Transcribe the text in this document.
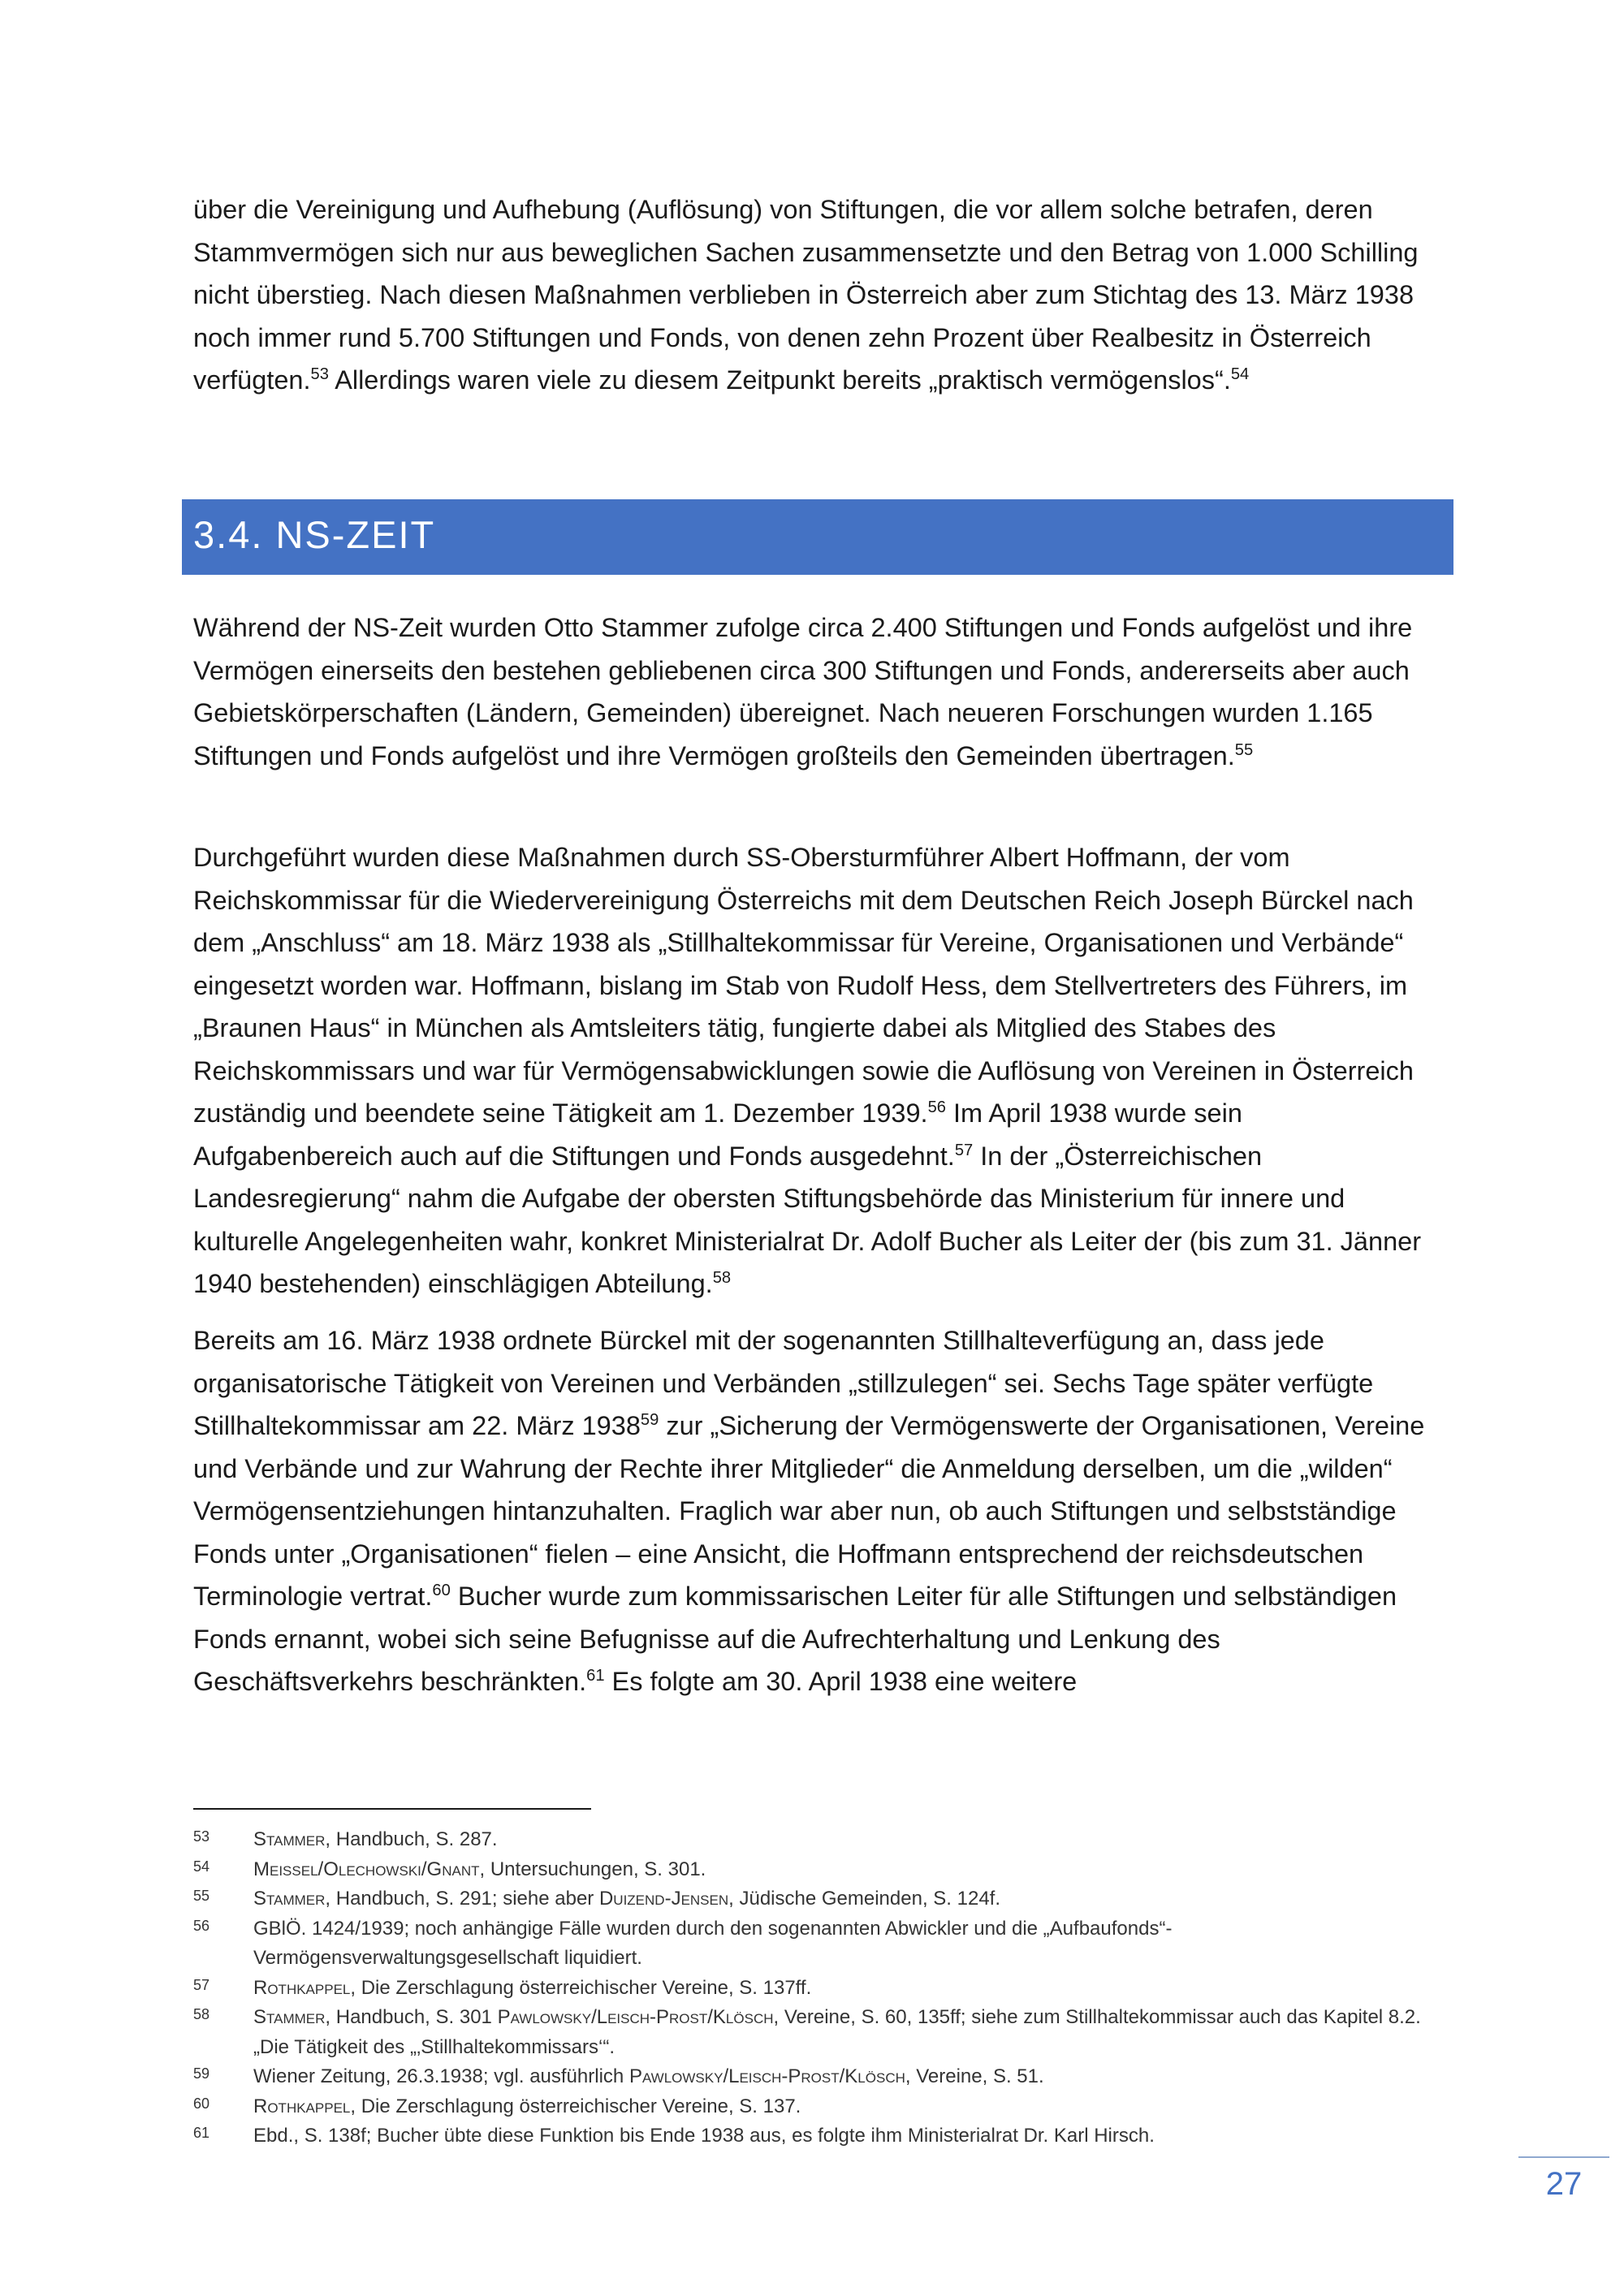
über die Vereinigung und Aufhebung (Auflösung) von Stiftungen, die vor allem solche betrafen, deren Stammvermögen sich nur aus beweglichen Sachen zusammensetzte und den Betrag von 1.000 Schilling nicht überstieg. Nach diesen Maßnahmen verblieben in Österreich aber zum Stichtag des 13. März 1938 noch immer rund 5.700 Stiftungen und Fonds, von denen zehn Prozent über Realbesitz in Österreich verfügten.$^{53}$ Allerdings waren viele zu diesem Zeitpunkt bereits „praktisch vermögenslos“.$^{54}$

3.4. NS-ZEIT

Während der NS-Zeit wurden Otto Stammer zufolge circa 2.400 Stiftungen und Fonds aufgelöst und ihre Vermögen einerseits den bestehen gebliebenen circa 300 Stiftungen und Fonds, andererseits aber auch Gebietskörperschaften (Ländern, Gemeinden) übereignet. Nach neueren Forschungen wurden 1.165 Stiftungen und Fonds aufgelöst und ihre Vermögen großteils den Gemeinden übertragen.$^{55}$

Durchgeführt wurden diese Maßnahmen durch SS-Obersturmführer Albert Hoffmann, der vom Reichskommissar für die Wiedervereinigung Österreichs mit dem Deutschen Reich Joseph Bürckel nach dem „Anschluss“ am 18. März 1938 als „Stillhaltekommissar für Vereine, Organisationen und Verbände“ eingesetzt worden war. Hoffmann, bislang im Stab von Rudolf Hess, dem Stellvertreters des Führers, im „Braunen Haus“ in München als Amtsleiters tätig, fungierte dabei als Mitglied des Stabes des Reichskommissars und war für Vermögensabwicklungen sowie die Auflösung von Vereinen in Österreich zuständig und beendete seine Tätigkeit am 1. Dezember 1939.56 Im April 1938 wurde sein Aufgabenbereich auch auf die Stiftungen und Fonds ausgedehnt.$^{57}$ In der „Österreichischen Landesregierung“ nahm die Aufgabe der obersten Stiftungsbehörde das Ministerium für innere und kulturelle Angelegenheiten wahr, konkret Ministerialrat Dr. Adolf Bucher als Leiter der (bis zum 31. Jänner 1940 bestehenden) einschlägigen Abteilung.$^{58}$

Bereits am 16. März 1938 ordnete Bürckel mit der sogenannten Stillhalteverfügung an, dass jede organisatorische Tätigkeit von Vereinen und Verbänden „stillzulegen“ sei. Sechs Tage später verfügte Stillhaltekommissar am 22. März 1938$^{59}$ zur „Sicherung der Vermögenswerte der Organisationen, Vereine und Verbände und zur Wahrung der Rechte ihrer Mitglieder“ die Anmeldung derselben, um die „wilden“ Vermögensentziehungen hintanzuhalten. Fraglich war aber nun, ob auch Stiftungen und selbstständige Fonds unter „Organisationen“ fielen – eine Ansicht, die Hoffmann entsprechend der reichsdeutschen Terminologie vertrat.$^{60}$ Bucher wurde zum kommissarischen Leiter für alle Stiftungen und selbständigen Fonds ernannt, wobei sich seine Befugnisse auf die Aufrechterhaltung und Lenkung des Geschäftsverkehrs beschränkten.$^{61}$ Es folgte am 30. April 1938 eine weitere

53 Stammer, Handbuch, S. 287.
54 Meissel/Olechowski/Gnant, Untersuchungen, S. 301.
55 Stammer, Handbuch, S. 291; siehe aber Duizend-Jensen, Jüdische Gemeinden, S. 124f.
56 GBlÖ. 1424/1939; noch anhängige Fälle wurden durch den sogenannten Abwickler und die „Aufbaufonds“-Vermögensverwaltungsgesellschaft liquidiert.
57 Rothkappel, Die Zerschlagung österreichischer Vereine, S. 137ff.
58 Stammer, Handbuch, S. 301 Pawlowsky/Leisch-Prost/Klösch, Vereine, S. 60, 135ff; siehe zum Stillhaltekommissar auch das Kapitel 8.2. „Die Tätigkeit des „‚Stillhaltekommissars‘“.
59 Wiener Zeitung, 26.3.1938; vgl. ausführlich Pawlowsky/Leisch-Prost/Klösch, Vereine, S. 51.
60 Rothkappel, Die Zerschlagung österreichischer Vereine, S. 137.
61 Ebd., S. 138f; Bucher übte diese Funktion bis Ende 1938 aus, es folgte ihm Ministerialrat Dr. Karl Hirsch.
27
